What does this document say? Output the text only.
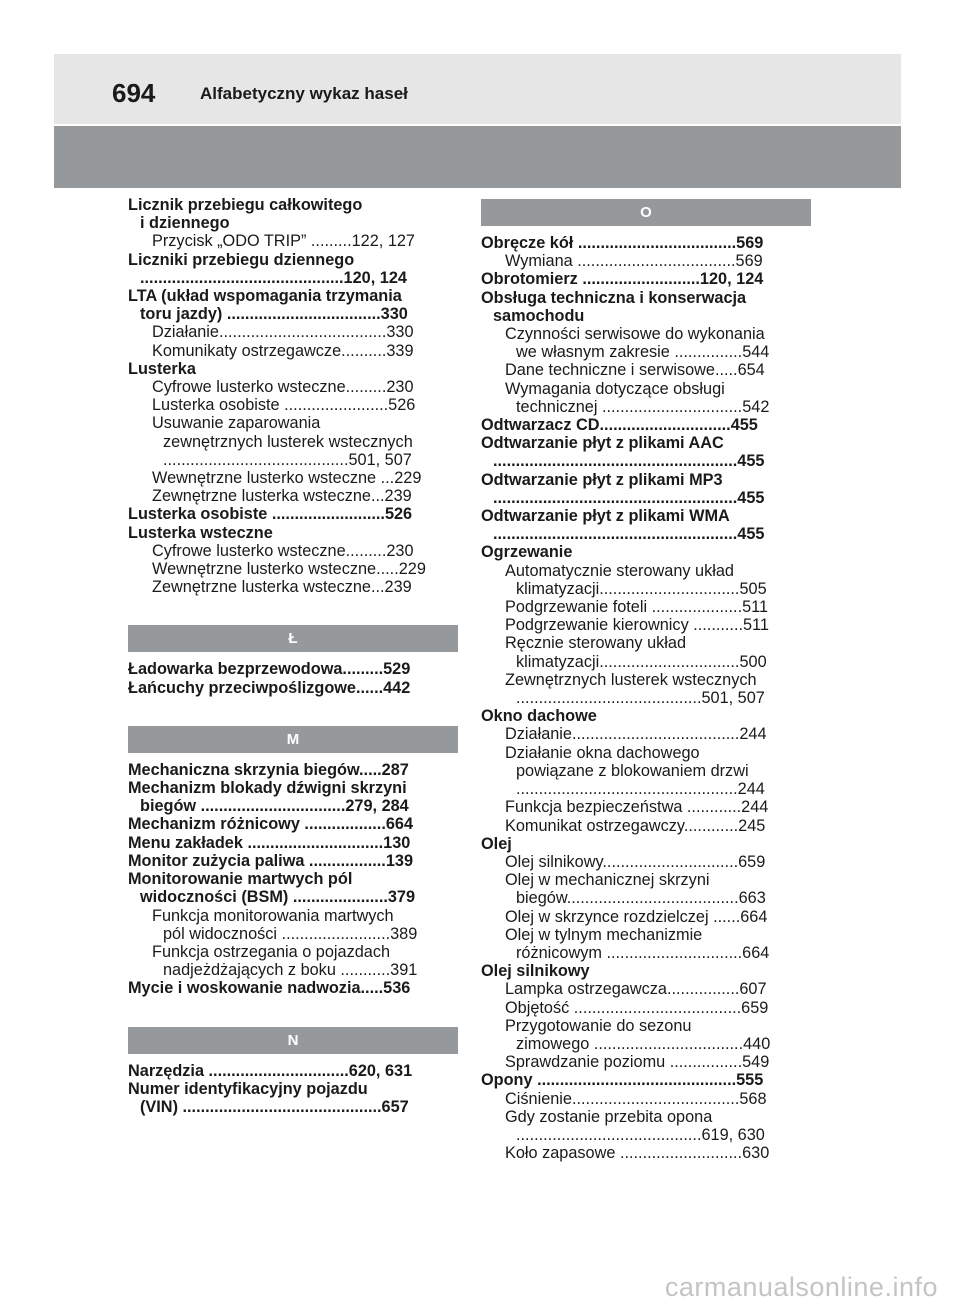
694	Alfabetyczny wykaz haseł
Licznik przebiegu całkowitego
i dziennego
Przycisk „ODO TRIP” .........122, 127
Liczniki przebiegu dziennego
.............................................120, 124
LTA (układ wspomagania trzymania
toru jazdy) ..................................330
Działanie.....................................330
Komunikaty ostrzegawcze..........339
Lusterka
Cyfrowe lusterko wsteczne.........230
Lusterka osobiste .......................526
Usuwanie zaparowania
zewnętrznych lusterek wstecznych
.........................................501, 507
Wewnętrzne lusterko wsteczne ...229
Zewnętrzne lusterka wsteczne...239
Lusterka osobiste .........................526
Lusterka wsteczne
Cyfrowe lusterko wsteczne.........230
Wewnętrzne lusterko wsteczne.....229
Zewnętrzne lusterka wsteczne...239
Ł
Ładowarka bezprzewodowa.........529
Łańcuchy przeciwpoślizgowe......442
M
Mechaniczna skrzynia biegów.....287
Mechanizm blokady dźwigni skrzyni
biegów ................................279, 284
Mechanizm różnicowy ..................664
Menu zakładek ..............................130
Monitor zużycia paliwa .................139
Monitorowanie martwych pól
widoczności (BSM) .....................379
Funkcja monitorowania martwych
pól widoczności ........................389
Funkcja ostrzegania o pojazdach
nadjeżdżających z boku ...........391
Mycie i woskowanie nadwozia.....536
N
Narzędzia ...............................620, 631
Numer identyfikacyjny pojazdu
(VIN) ............................................657
O
Obręcze kół ...................................569
Wymiana ...................................569
Obrotomierz ..........................120, 124
Obsługa techniczna i konserwacja
samochodu
Czynności serwisowe do wykonania
we własnym zakresie ...............544
Dane techniczne i serwisowe.....654
Wymagania dotyczące obsługi
technicznej ...............................542
Odtwarzacz CD.............................455
Odtwarzanie płyt z plikami AAC
......................................................455
Odtwarzanie płyt z plikami MP3
......................................................455
Odtwarzanie płyt z plikami WMA
......................................................455
Ogrzewanie
Automatycznie sterowany układ
klimatyzacji...............................505
Podgrzewanie foteli ....................511
Podgrzewanie kierownicy ...........511
Ręcznie sterowany układ
klimatyzacji...............................500
Zewnętrznych lusterek wstecznych
.........................................501, 507
Okno dachowe
Działanie.....................................244
Działanie okna dachowego
powiązane z blokowaniem drzwi
.................................................244
Funkcja bezpieczeństwa ............244
Komunikat ostrzegawczy............245
Olej
Olej silnikowy..............................659
Olej w mechanicznej skrzyni
biegów......................................663
Olej w skrzynce rozdzielczej ......664
Olej w tylnym mechanizmie
różnicowym ..............................664
Olej silnikowy
Lampka ostrzegawcza................607
Objętość .....................................659
Przygotowanie do sezonu
zimowego .................................440
Sprawdzanie poziomu ................549
Opony ............................................555
Ciśnienie.....................................568
Gdy zostanie przebita opona
.........................................619, 630
Koło zapasowe ...........................630
carmanualsonline.info
